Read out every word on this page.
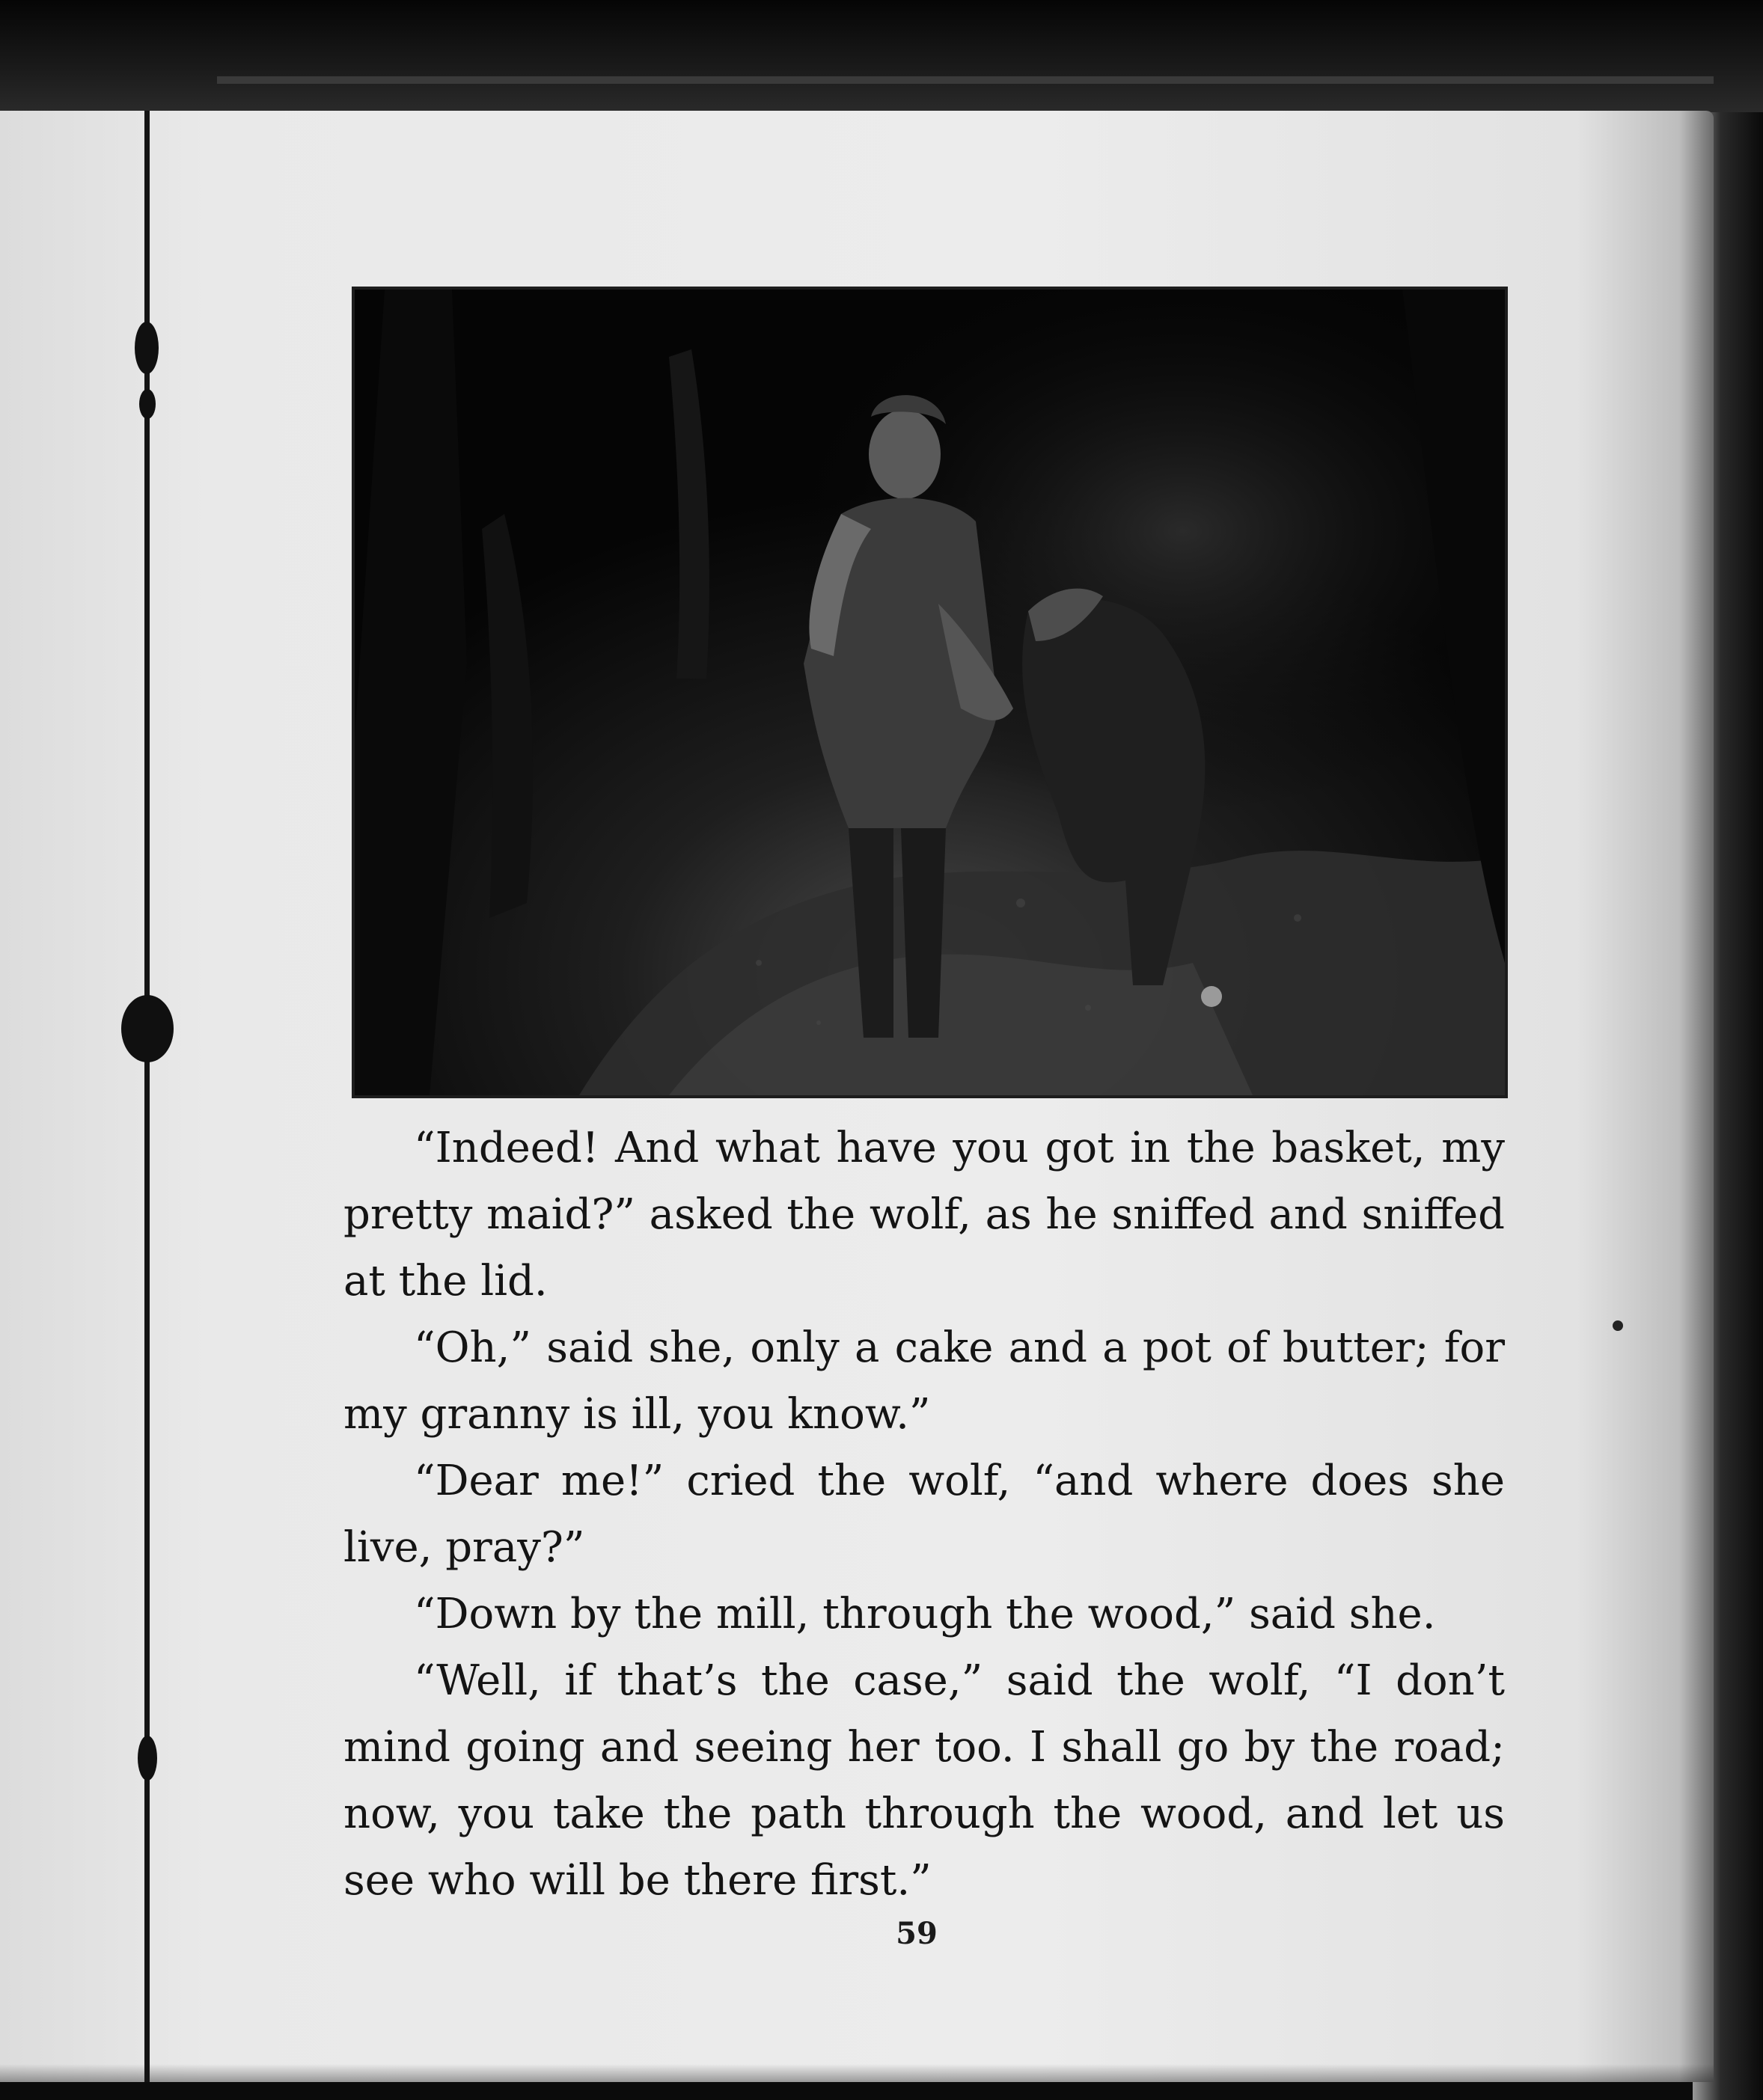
“Indeed! And what have you got in the basket, my pretty maid?” asked the wolf, as he sniffed and sniffed at the lid.

“Oh,” said she, only a cake and a pot of butter; for my granny is ill, you know.”

“Dear me!” cried the wolf, “and where does she live, pray?”

“Down by the mill, through the wood,” said she.

“Well, if that’s the case,” said the wolf, “I don’t mind going and seeing her too. I shall go by the road; now, you take the path through the wood, and let us see who will be there first.”

59
